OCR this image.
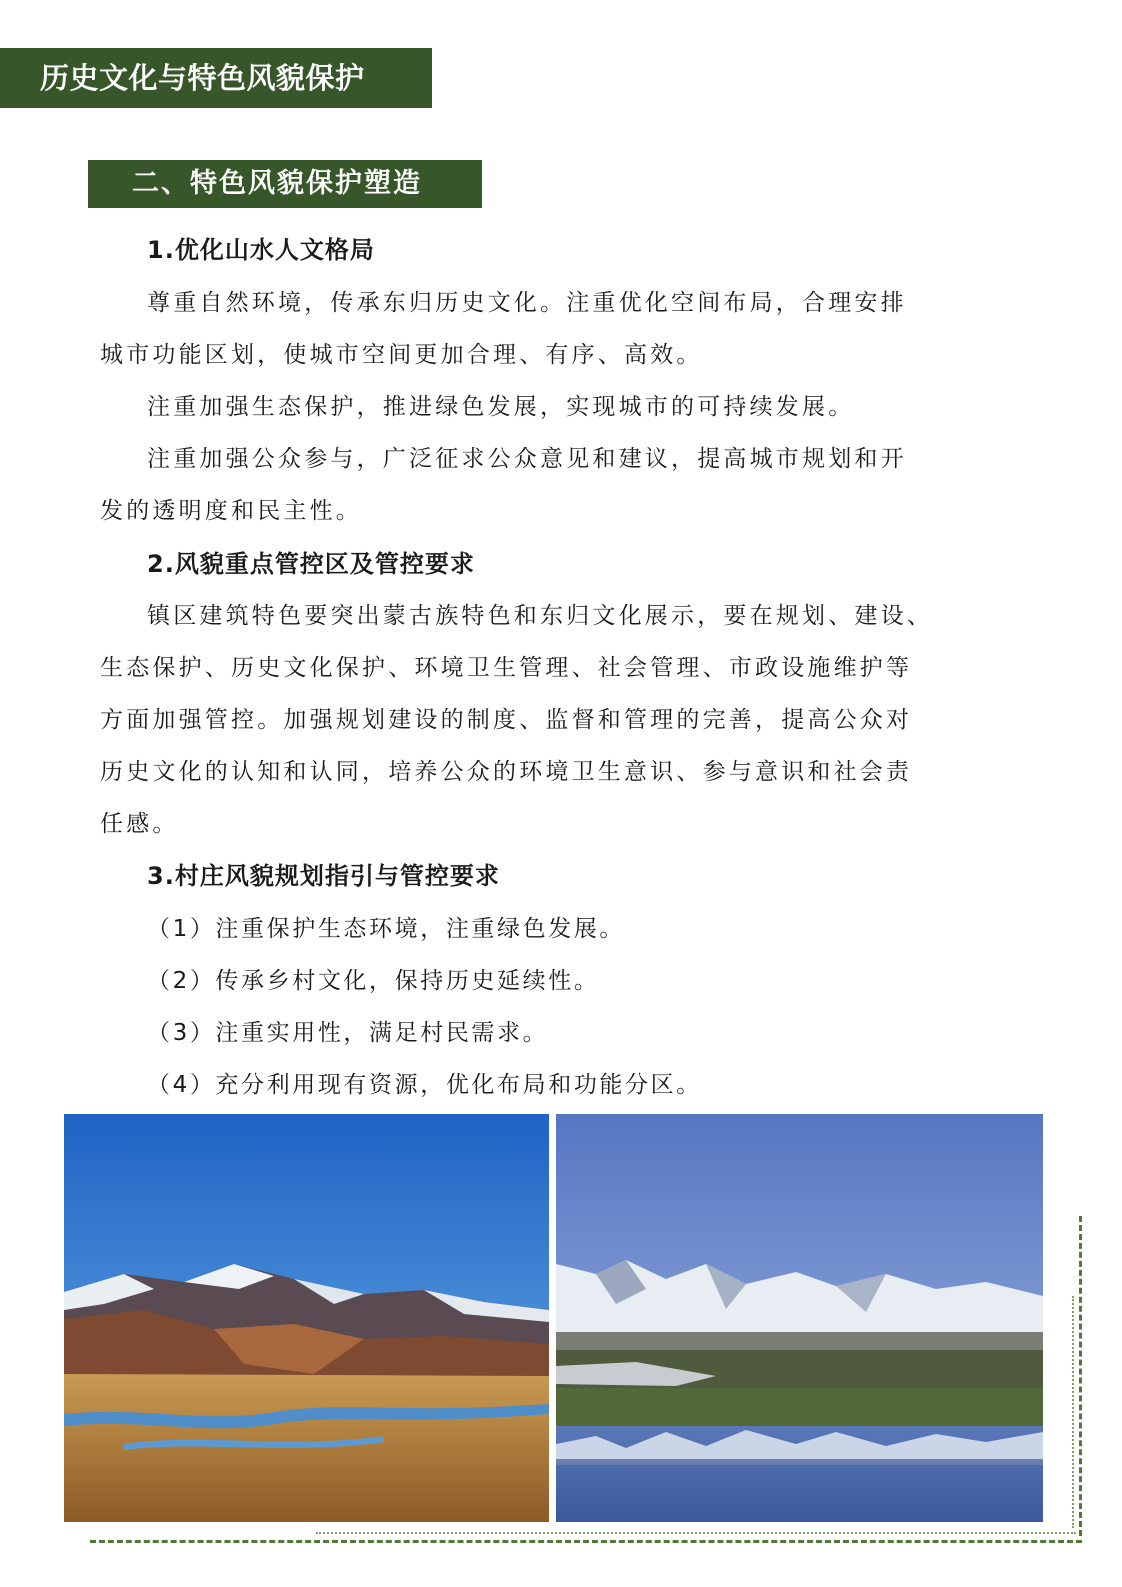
历史文化与特色风貌保护
二、特色风貌保护塑造
1.优化山水人文格局
尊重自然环境，传承东归历史文化。注重优化空间布局，合理安排
城市功能区划，使城市空间更加合理、有序、高效。
注重加强生态保护，推进绿色发展，实现城市的可持续发展。
注重加强公众参与，广泛征求公众意见和建议，提高城市规划和开
发的透明度和民主性。
2.风貌重点管控区及管控要求
镇区建筑特色要突出蒙古族特色和东归文化展示，要在规划、建设、
生态保护、历史文化保护、环境卫生管理、社会管理、市政设施维护等
方面加强管控。加强规划建设的制度、监督和管理的完善，提高公众对
历史文化的认知和认同，培养公众的环境卫生意识、参与意识和社会责
任感。
3.村庄风貌规划指引与管控要求
（1）注重保护生态环境，注重绿色发展。
（2）传承乡村文化，保持历史延续性。
（3）注重实用性，满足村民需求。
（4）充分利用现有资源，优化布局和功能分区。
